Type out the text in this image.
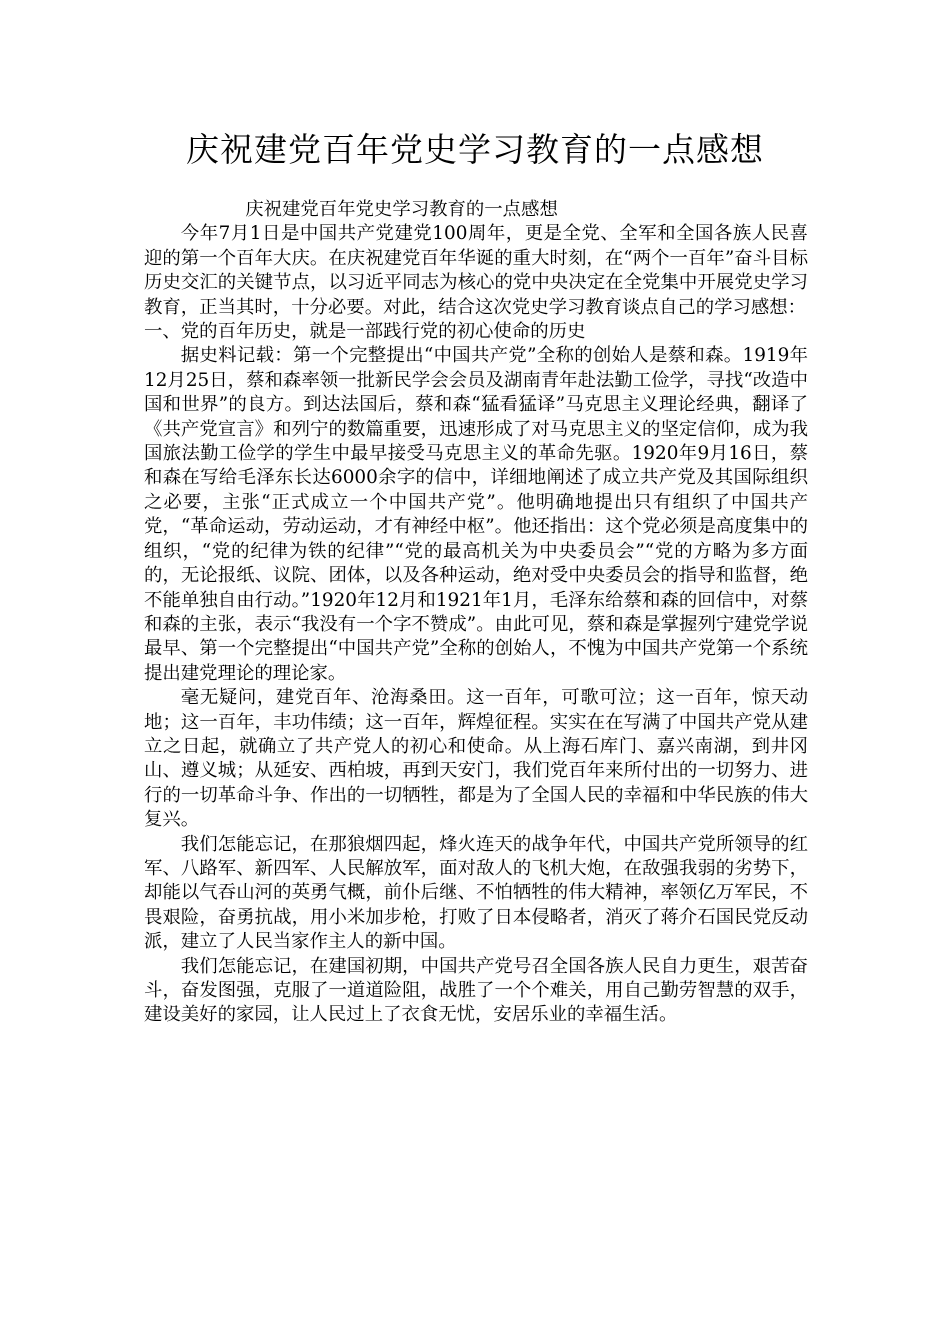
庆祝建党百年党史学习教育的一点感想

庆祝建党百年党史学习教育的一点感想

今年7月1日是中国共产党建党100周年，更是全党、全军和全国各族人民喜迎的第一个百年大庆。在庆祝建党百年华诞的重大时刻，在“两个一百年”奋斗目标历史交汇的关键节点，以习近平同志为核心的党中央决定在全党集中开展党史学习教育，正当其时，十分必要。对此，结合这次党史学习教育谈点自己的学习感想：

一、党的百年历史，就是一部践行党的初心使命的历史

据史料记载：第一个完整提出“中国共产党”全称的创始人是蔡和森。1919年12月25日，蔡和森率领一批新民学会会员及湖南青年赴法勤工俭学，寻找“改造中国和世界”的良方。到达法国后，蔡和森“猛看猛译”马克思主义理论经典，翻译了《共产党宣言》和列宁的数篇重要，迅速形成了对马克思主义的坚定信仰，成为我国旅法勤工俭学的学生中最早接受马克思主义的革命先驱。1920年9月16日，蔡和森在写给毛泽东长达6000余字的信中，详细地阐述了成立共产党及其国际组织之必要，主张“正式成立一个中国共产党”。他明确地提出只有组织了中国共产党，“革命运动，劳动运动，才有神经中枢”。他还指出：这个党必须是高度集中的组织，“党的纪律为铁的纪律”“党的最高机关为中央委员会”“党的方略为多方面的，无论报纸、议院、团体，以及各种运动，绝对受中央委员会的指导和监督，绝不能单独自由行动。”1920年12月和1921年1月，毛泽东给蔡和森的回信中，对蔡和森的主张，表示“我没有一个字不赞成”。由此可见，蔡和森是掌握列宁建党学说最早、第一个完整提出“中国共产党”全称的创始人，不愧为中国共产党第一个系统提出建党理论的理论家。

毫无疑问，建党百年、沧海桑田。这一百年，可歌可泣；这一百年，惊天动地；这一百年，丰功伟绩；这一百年，辉煌征程。实实在在写满了中国共产党从建立之日起，就确立了共产党人的初心和使命。从上海石库门、嘉兴南湖，到井冈山、遵义城；从延安、西柏坡，再到天安门，我们党百年来所付出的一切努力、进行的一切革命斗争、作出的一切牺牲，都是为了全国人民的幸福和中华民族的伟大复兴。

我们怎能忘记，在那狼烟四起，烽火连天的战争年代，中国共产党所领导的红军、八路军、新四军、人民解放军，面对敌人的飞机大炮，在敌强我弱的劣势下，却能以气吞山河的英勇气概，前仆后继、不怕牺牲的伟大精神，率领亿万军民，不畏艰险，奋勇抗战，用小米加步枪，打败了日本侵略者，消灭了蒋介石国民党反动派，建立了人民当家作主人的新中国。

我们怎能忘记，在建国初期，中国共产党号召全国各族人民自力更生，艰苦奋斗，奋发图强，克服了一道道险阻，战胜了一个个难关，用自己勤劳智慧的双手，建设美好的家园，让人民过上了衣食无忧，安居乐业的幸福生活。
